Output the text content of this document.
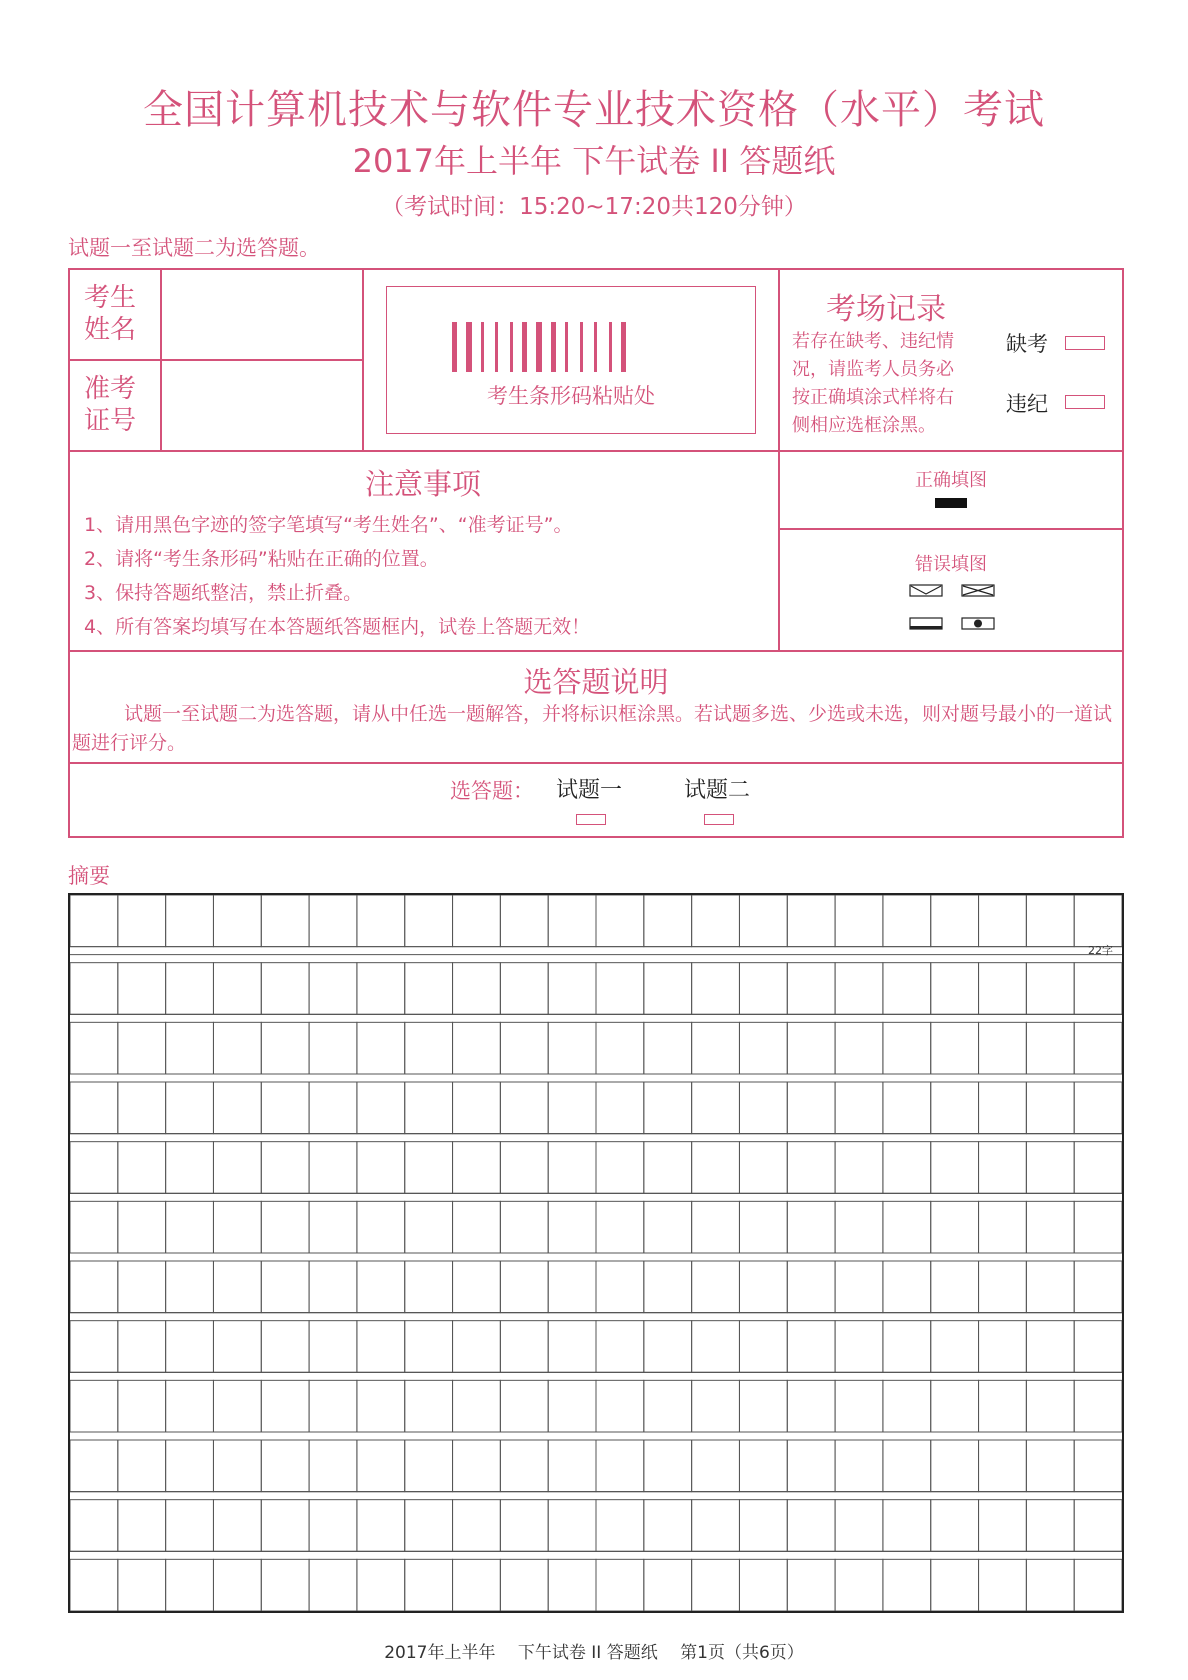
全国计算机技术与软件专业技术资格（水平）考试
2017年上半年 下午试卷 II 答题纸
（考试时间：15:20~17:20共120分钟）
试题一至试题二为选答题。
考生
姓名
准考
证号
考生条形码粘贴处
考场记录
若存在缺考、违纪情
况，请监考人员务必
按正确填涂式样将右
侧相应选框涂黑。
缺考
违纪
注意事项
1、请用黑色字迹的签字笔填写“考生姓名”、“准考证号”。
2、请将“考生条形码”粘贴在正确的位置。
3、保持答题纸整洁，禁止折叠。
4、所有答案均填写在本答题纸答题框内，试卷上答题无效！
正确填图
错误填图
选答题说明
试题一至试题二为选答题，请从中任选一题解答，并将标识框涂黑。若试题多选、少选或未选，则对题号最小的一道试题进行评分。
选答题： 试题一	试题二
摘要
22字
2017年上半年　 下午试卷 II 答题纸　 第1页（共6页）
